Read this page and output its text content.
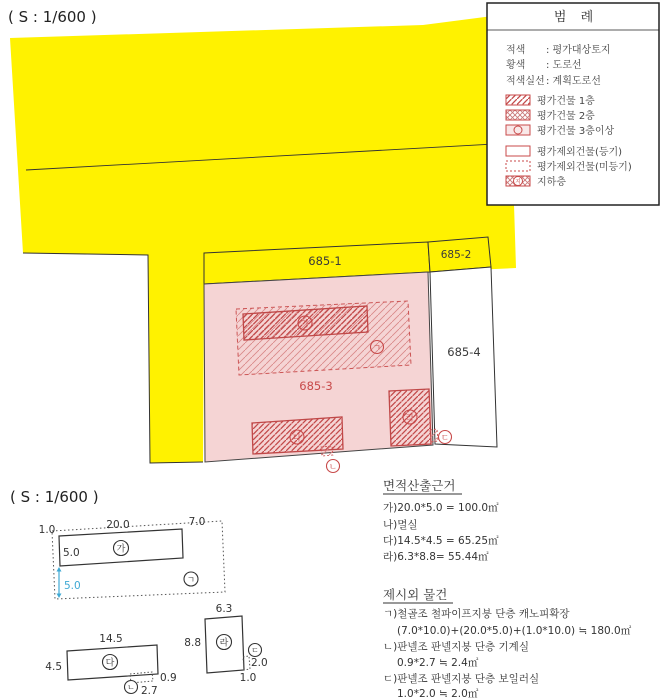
685-1	685-2
685-4
685-3
가
ㄱ
다
ㄴ
라
ㄷ
범 례
적색 : 평가대상토지
황색 : 도로선
적색실선 : 계획도로선
평가건물 1층
평가건물 2층
평가건물 3층이상
평가제외건물(등기)
평가제외건물(미등기)
지 지하층
( S : 1/600 )
( S : 1/600 )
1.0	20.0	7.0
5.0	가
ㄱ
5.0
14.5
4.5	다
0.9
ㄴ 2.7
6.3
8.8 라
ㄷ
2.0
1.0
면적산출근거
가)20.0*5.0 = 100.0㎡
나)멸실
다)14.5*4.5 = 65.25㎡
라)6.3*8.8= 55.44㎡
제시외 물건
ㄱ)철골조 철파이프지붕 단층 캐노피확장
(7.0*10.0)+(20.0*5.0)+(1.0*10.0) ≒ 180.0㎡
ㄴ)판넬조 판넬지붕 단층 기계실
0.9*2.7 ≒ 2.4㎡
ㄷ)판넬조 판넬지붕 단층 보일러실
1.0*2.0 ≒ 2.0㎡
